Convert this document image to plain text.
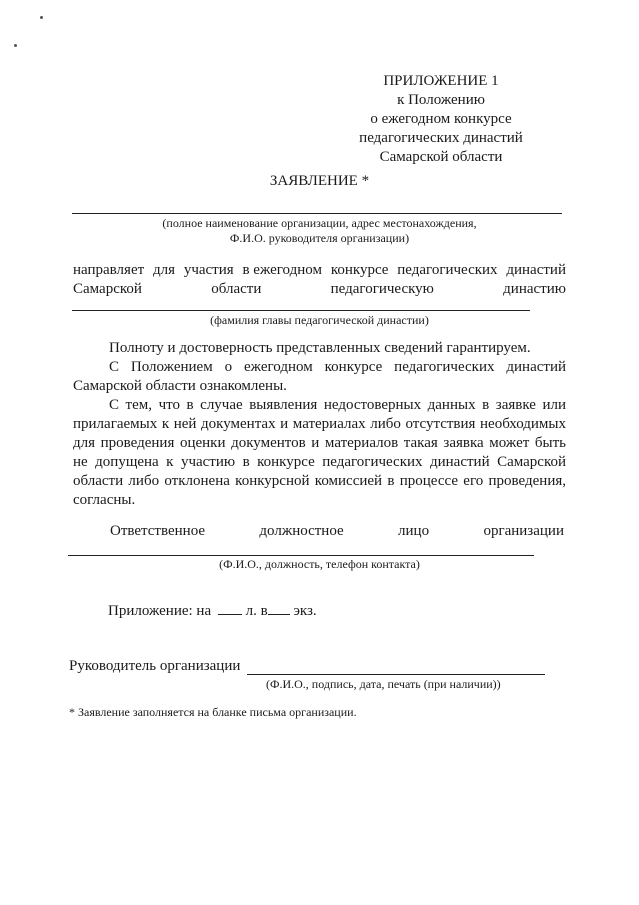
ПРИЛОЖЕНИЕ 1
к Положению
о ежегодном конкурсе
педагогических династий
Самарской области
ЗАЯВЛЕНИЕ *
(полное наименование организации, адрес местонахождения,
Ф.И.О. руководителя организации)
направляет для участия в ежегодном конкурсе педагогических династий
Самарской	области	педагогическую	династию
(фамилия главы педагогической династии)
Полноту и достоверность представленных сведений гарантируем.
С Положением о ежегодном конкурсе педагогических династий Самарской области ознакомлены.
С тем, что в случае выявления недостоверных данных в заявке или прилагаемых к ней документах и материалах либо отсутствия необходимых для проведения оценки документов и материалов такая заявка может быть не допущена к участию в конкурсе педагогических династий Самарской области либо отклонена конкурсной комиссией в процессе его проведения, согласны.
Ответственное	должностное	лицо	организации
(Ф.И.О., должность, телефон контакта)
Приложение: на л. в экз.
Руководитель организации
(Ф.И.О., подпись, дата, печать (при наличии))
* Заявление заполняется на бланке письма организации.
